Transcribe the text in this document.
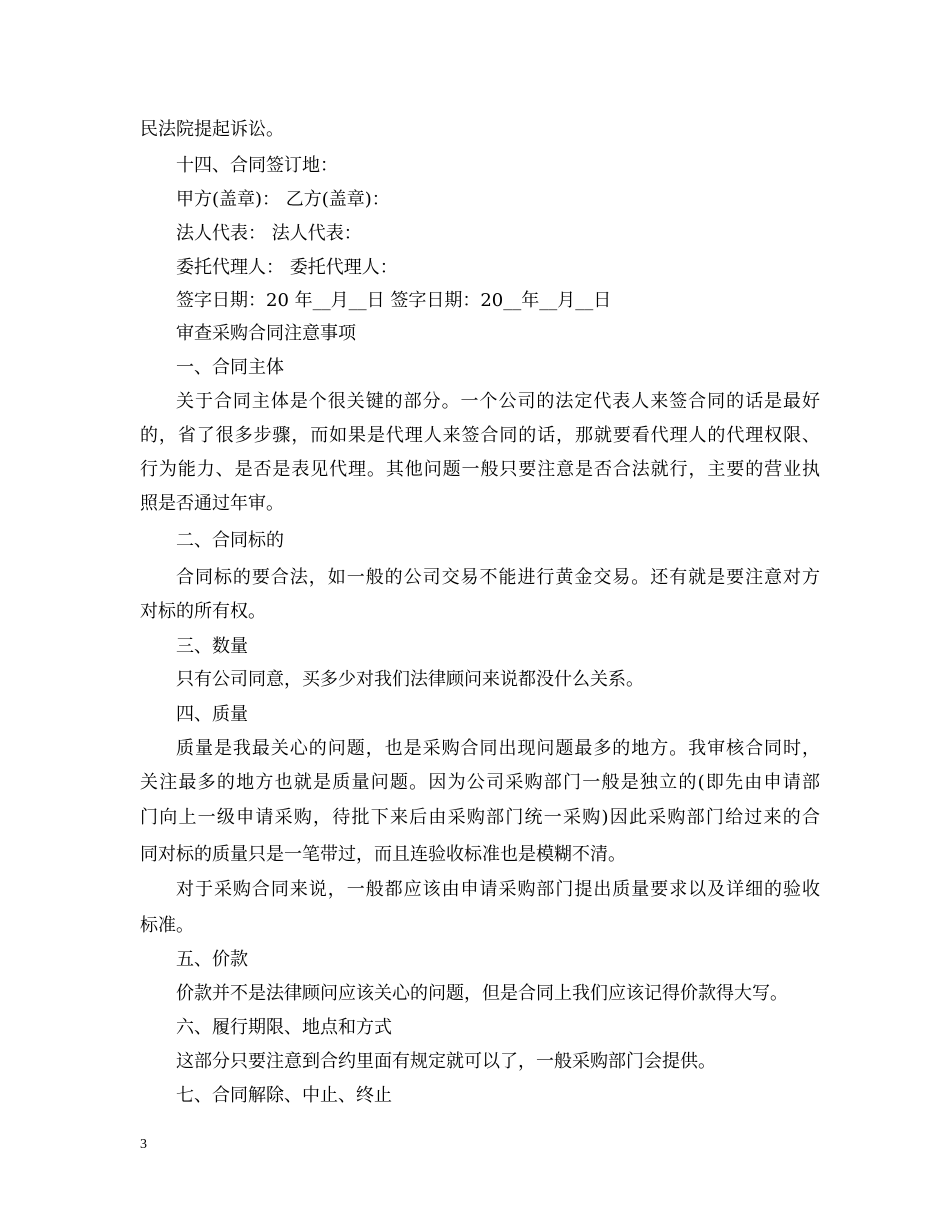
民法院提起诉讼。
十四、合同签订地：
甲方(盖章)： 乙方(盖章)：
法人代表： 法人代表：
委托代理人： 委托代理人：
签字日期：20 年__月__日 签字日期：20__年__月__日
审查采购合同注意事项
一、合同主体
关于合同主体是个很关键的部分。一个公司的法定代表人来签合同的话是最好
的，省了很多步骤，而如果是代理人来签合同的话，那就要看代理人的代理权限、
行为能力、是否是表见代理。其他问题一般只要注意是否合法就行，主要的营业执
照是否通过年审。
二、合同标的
合同标的要合法，如一般的公司交易不能进行黄金交易。还有就是要注意对方
对标的所有权。
三、数量
只有公司同意，买多少对我们法律顾问来说都没什么关系。
四、质量
质量是我最关心的问题，也是采购合同出现问题最多的地方。我审核合同时，
关注最多的地方也就是质量问题。因为公司采购部门一般是独立的(即先由申请部
门向上一级申请采购，待批下来后由采购部门统一采购)因此采购部门给过来的合
同对标的质量只是一笔带过，而且连验收标准也是模糊不清。
对于采购合同来说，一般都应该由申请采购部门提出质量要求以及详细的验收
标准。
五、价款
价款并不是法律顾问应该关心的问题，但是合同上我们应该记得价款得大写。
六、履行期限、地点和方式
这部分只要注意到合约里面有规定就可以了，一般采购部门会提供。
七、合同解除、中止、终止
3
